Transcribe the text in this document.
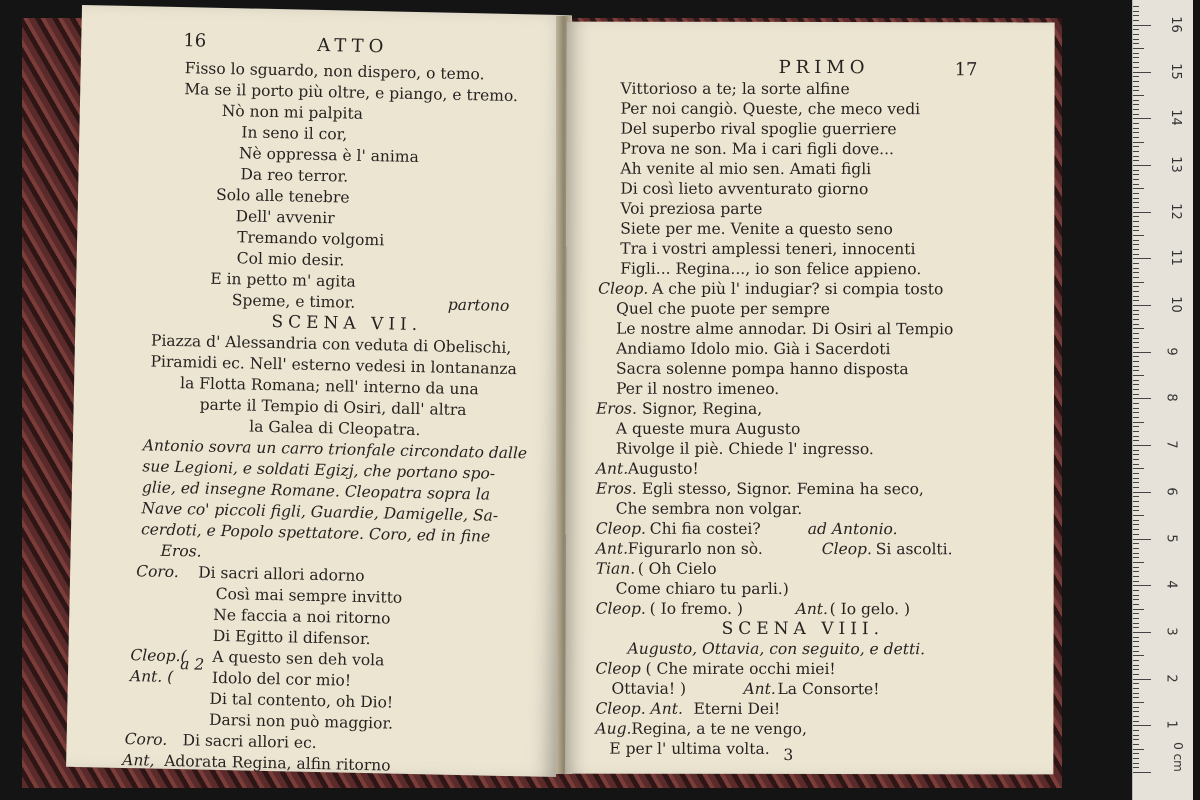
16	ATTO
Fisso lo sguardo, non dispero, o temo.
Ma se il porto più oltre, e piango, e tremo.
Nò non mi palpita
In seno il cor,
Nè oppressa è l' anima
Da reo terror.
Solo alle tenebre
Dell' avvenir
Tremando volgomi
Col mio desir.
E in petto m' agita
Speme, e timor.	partono
SCENA VII.
Piazza d' Alessandria con veduta di Obelischi,
Piramidi ec. Nell' esterno vedesi in lontananza
la Flotta Romana; nell' interno da una
parte il Tempio di Osiri, dall' altra
la Galea di Cleopatra.
Antonio sovra un carro trionfale circondato dalle
sue Legioni, e soldati Egizj, che portano spo-
glie, ed insegne Romane. Cleopatra sopra la
Nave co' piccoli figli, Guardie, Damigelle, Sa-
cerdoti, e Popolo spettatore. Coro, ed in fine
Eros.
Coro. Di sacri allori adorno
Così mai sempre invitto
Ne faccia a noi ritorno
Di Egitto il difensor.
Cleop.(
a 2 A questo sen deh vola
Ant. ( Idolo del cor mio!
Di tal contento, oh Dio!
Darsi non può maggior.
Coro. Di sacri allori ec.
Ant, Adorata Regina, alfin ritorno
PRIMO	17
Vittorioso a te; la sorte alfine
Per noi cangiò. Queste, che meco vedi
Del superbo rival spoglie guerriere
Prova ne son. Ma i cari figli dove...
Ah venite al mio sen. Amati figli
Di così lieto avventurato giorno
Voi preziosa parte
Siete per me. Venite a questo seno
Tra i vostri amplessi teneri, innocenti
Figli... Regina..., io son felice appieno.
Cleop. A che più l' indugiar? si compia tosto
Quel che puote per sempre
Le nostre alme annodar. Di Osiri al Tempio
Andiamo Idolo mio. Già i Sacerdoti
Sacra solenne pompa hanno disposta
Per il nostro imeneo.
Eros. Signor, Regina,
A queste mura Augusto
Rivolge il piè. Chiede l' ingresso.
Ant. Augusto!
Eros. Egli stesso, Signor. Femina ha seco,
Che sembra non volgar.
Cleop. Chi fia costei?	ad Antonio.
Ant. Figurarlo non sò.	Cleop. Si ascolti.
Tian. ( Oh Cielo
Come chiaro tu parli.)
Cleop. ( Io fremo. )	Ant. ( Io gelo. )
SCENA VIII.
Augusto, Ottavia, con seguito, e detti.
Cleop ( Che mirate occhi miei!
Ottavia! )	Ant. La Consorte!
Cleop. Ant. Eterni Dei!
Aug. Regina, a te ne vengo,
E per l' ultima volta. 3	0 cm
1
2
3
4
5
6
7
8
9
10
11
12
13
14
15
16
